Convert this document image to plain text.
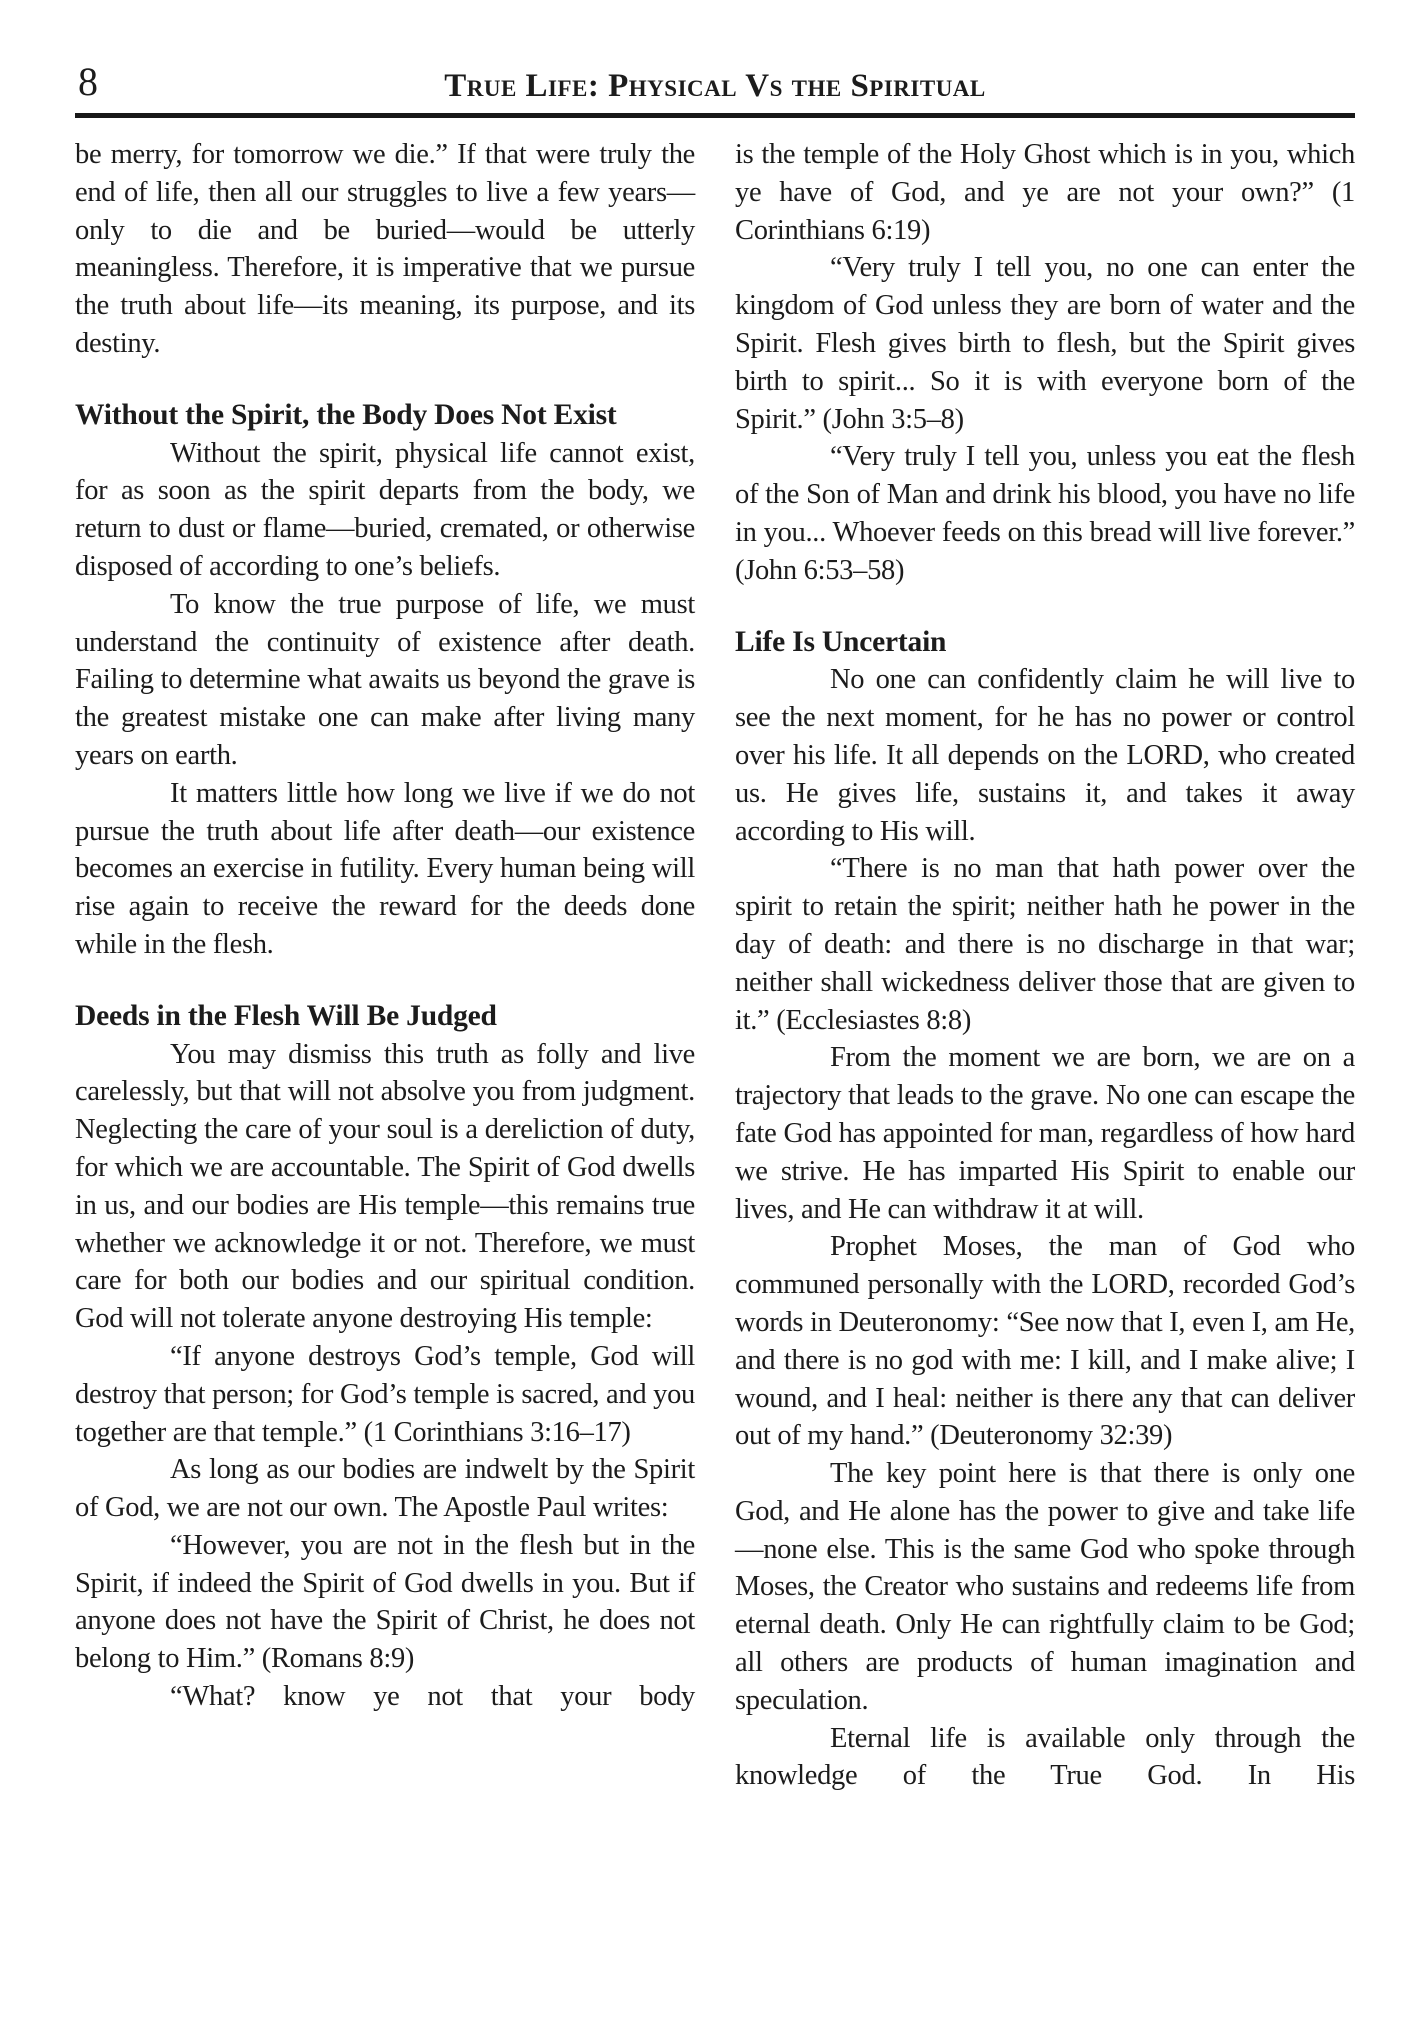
8	True Life: Physical Vs the Spiritual

be merry, for tomorrow we die.” If that were truly the end of life, then all our struggles to live a few years—only to die and be buried—would be utterly meaningless. Therefore, it is imperative that we pursue the truth about life—its meaning, its purpose, and its destiny.

Without the Spirit, the Body Does Not Exist

Without the spirit, physical life cannot exist, for as soon as the spirit departs from the body, we return to dust or flame—buried, cremated, or otherwise disposed of according to one’s beliefs.

To know the true purpose of life, we must understand the continuity of existence after death. Failing to determine what awaits us beyond the grave is the greatest mistake one can make after living many years on earth.

It matters little how long we live if we do not pursue the truth about life after death—our existence becomes an exercise in futility. Every human being will rise again to receive the reward for the deeds done while in the flesh.

Deeds in the Flesh Will Be Judged

You may dismiss this truth as folly and live carelessly, but that will not absolve you from judgment. Neglecting the care of your soul is a dereliction of duty, for which we are accountable. The Spirit of God dwells in us, and our bodies are His temple—this remains true whether we acknowledge it or not. Therefore, we must care for both our bodies and our spiritual condition. God will not tolerate anyone destroying His temple:

“If anyone destroys God’s temple, God will destroy that person; for God’s temple is sacred, and you together are that temple.” (1 Corinthians 3:16–17)

As long as our bodies are indwelt by the Spirit of God, we are not our own. The Apostle Paul writes:

“However, you are not in the flesh but in the Spirit, if indeed the Spirit of God dwells in you. But if anyone does not have the Spirit of Christ, he does not belong to Him.” (Romans 8:9)

“What? know ye not that your body

is the temple of the Holy Ghost which is in you, which ye have of God, and ye are not your own?” (1 Corinthians 6:19)

“Very truly I tell you, no one can enter the kingdom of God unless they are born of water and the Spirit. Flesh gives birth to flesh, but the Spirit gives birth to spirit... So it is with everyone born of the Spirit.” (John 3:5–8)

“Very truly I tell you, unless you eat the flesh of the Son of Man and drink his blood, you have no life in you... Whoever feeds on this bread will live forever.” (John 6:53–58)

Life Is Uncertain

No one can confidently claim he will live to see the next moment, for he has no power or control over his life. It all depends on the LORD, who created us. He gives life, sustains it, and takes it away according to His will.

“There is no man that hath power over the spirit to retain the spirit; neither hath he power in the day of death: and there is no discharge in that war; neither shall wickedness deliver those that are given to it.” (Ecclesiastes 8:8)

From the moment we are born, we are on a trajectory that leads to the grave. No one can escape the fate God has appointed for man, regardless of how hard we strive. He has imparted His Spirit to enable our lives, and He can withdraw it at will.

Prophet Moses, the man of God who communed personally with the LORD, recorded God’s words in Deuteronomy: “See now that I, even I, am He, and there is no god with me: I kill, and I make alive; I wound, and I heal: neither is there any that can deliver out of my hand.” (Deuteronomy 32:39)

The key point here is that there is only one God, and He alone has the power to give and take life—none else. This is the same God who spoke through Moses, the Creator who sustains and redeems life from eternal death. Only He can rightfully claim to be God; all others are products of human imagination and speculation.

Eternal life is available only through the knowledge of the True God. In His
